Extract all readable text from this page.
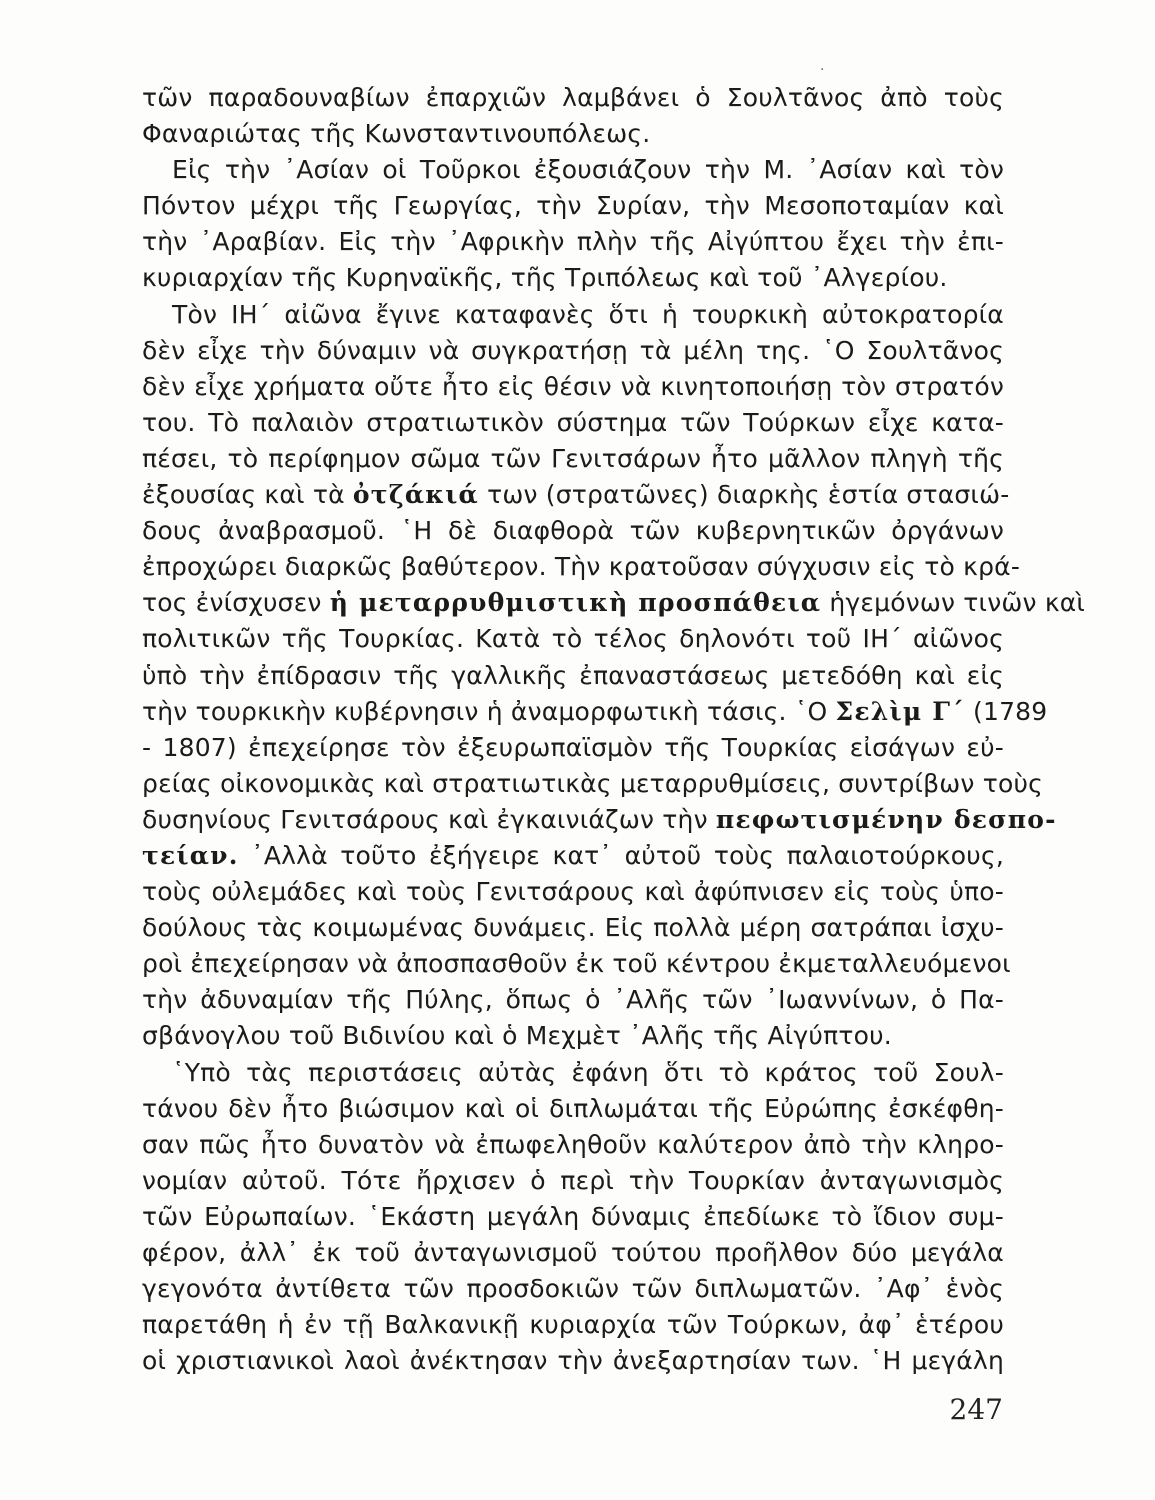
·
τῶν παραδουναβίων ἐπαρχιῶν λαμβάνει ὁ Σουλτᾶνος ἀπὸ τοὺς
Φαναριώτας τῆς Κωνσταντινουπόλεως.
Εἰς τὴν ᾿Ασίαν οἱ Τοῦρκοι ἐξουσιάζουν τὴν Μ. ᾿Ασίαν καὶ τὸν
Πόντον μέχρι τῆς Γεωργίας, τὴν Συρίαν, τὴν Μεσοποταμίαν καὶ
τὴν ᾿Αραβίαν. Εἰς τὴν ᾿Αφρικὴν πλὴν τῆς Αἰγύπτου ἔχει τὴν ἐπι-
κυριαρχίαν τῆς Κυρηναϊκῆς, τῆς Τριπόλεως καὶ τοῦ ᾿Αλγερίου.
Τὸν ΙΗ΄ αἰῶνα ἔγινε καταφανὲς ὅτι ἡ τουρκικὴ αὐτοκρατορία
δὲν εἶχε τὴν δύναμιν νὰ συγκρατήσῃ τὰ μέλη της. ῾Ο Σουλτᾶνος
δὲν εἶχε χρήματα οὔτε ἦτο εἰς θέσιν νὰ κινητοποιήσῃ τὸν στρατόν
του. Τὸ παλαιὸν στρατιωτικὸν σύστημα τῶν Τούρκων εἶχε κατα-
πέσει, τὸ περίφημον σῶμα τῶν Γενιτσάρων ἦτο μᾶλλον πληγὴ τῆς
ἐξουσίας καὶ τὰ ὀτζάκιά των (στρατῶνες) διαρκὴς ἑστία στασιώ-
δους ἀναβρασμοῦ. ῾Η δὲ διαφθορὰ τῶν κυβερνητικῶν ὀργάνων
ἐπροχώρει διαρκῶς βαθύτερον. Τὴν κρατοῦσαν σύγχυσιν εἰς τὸ κρά-
τος ἐνίσχυσεν ἡ μεταρρυθμιστικὴ προσπάθεια ἡγεμόνων τινῶν καὶ
πολιτικῶν τῆς Τουρκίας. Κατὰ τὸ τέλος δηλονότι τοῦ ΙΗ΄ αἰῶνος
ὑπὸ τὴν ἐπίδρασιν τῆς γαλλικῆς ἐπαναστάσεως μετεδόθη καὶ εἰς
τὴν τουρκικὴν κυβέρνησιν ἡ ἀναμορφωτικὴ τάσις. ῾Ο Σελὶμ Γ΄ (1789
- 1807) ἐπεχείρησε τὸν ἐξευρωπαϊσμὸν τῆς Τουρκίας εἰσάγων εὐ-
ρείας οἰκονομικὰς καὶ στρατιωτικὰς μεταρρυθμίσεις, συντρίβων τοὺς
δυσηνίους Γενιτσάρους καὶ ἐγκαινιάζων τὴν πεφωτισμένην δεσπο-
τείαν. ᾿Αλλὰ τοῦτο ἐξήγειρε κατ᾿ αὐτοῦ τοὺς παλαιοτούρκους,
τοὺς οὐλεμάδες καὶ τοὺς Γενιτσάρους καὶ ἀφύπνισεν εἰς τοὺς ὑπο-
δούλους τὰς κοιμωμένας δυνάμεις. Εἰς πολλὰ μέρη σατράπαι ἰσχυ-
ροὶ ἐπεχείρησαν νὰ ἀποσπασθοῦν ἐκ τοῦ κέντρου ἐκμεταλλευόμενοι
τὴν ἀδυναμίαν τῆς Πύλης, ὅπως ὁ ᾿Αλῆς τῶν ᾿Ιωαννίνων, ὁ Πα-
σβάνογλου τοῦ Βιδινίου καὶ ὁ Μεχμὲτ ᾿Αλῆς τῆς Αἰγύπτου.
῾Υπὸ τὰς περιστάσεις αὐτὰς ἐφάνη ὅτι τὸ κράτος τοῦ Σουλ-
τάνου δὲν ἦτο βιώσιμον καὶ οἱ διπλωμάται τῆς Εὐρώπης ἐσκέφθη-
σαν πῶς ἦτο δυνατὸν νὰ ἐπωφεληθοῦν καλύτερον ἀπὸ τὴν κληρο-
νομίαν αὐτοῦ. Τότε ἤρχισεν ὁ περὶ τὴν Τουρκίαν ἀνταγωνισμὸς
τῶν Εὐρωπαίων. ῾Εκάστη μεγάλη δύναμις ἐπεδίωκε τὸ ἴδιον συμ-
φέρον, ἀλλ᾿ ἐκ τοῦ ἀνταγωνισμοῦ τούτου προῆλθον δύο μεγάλα
γεγονότα ἀντίθετα τῶν προσδοκιῶν τῶν διπλωματῶν. ᾿Αφ᾿ ἑνὸς
παρετάθη ἡ ἐν τῇ Βαλκανικῇ κυριαρχία τῶν Τούρκων, ἀφ᾿ ἑτέρου
οἱ χριστιανικοὶ λαοὶ ἀνέκτησαν τὴν ἀνεξαρτησίαν των. ῾Η μεγάλη
247
